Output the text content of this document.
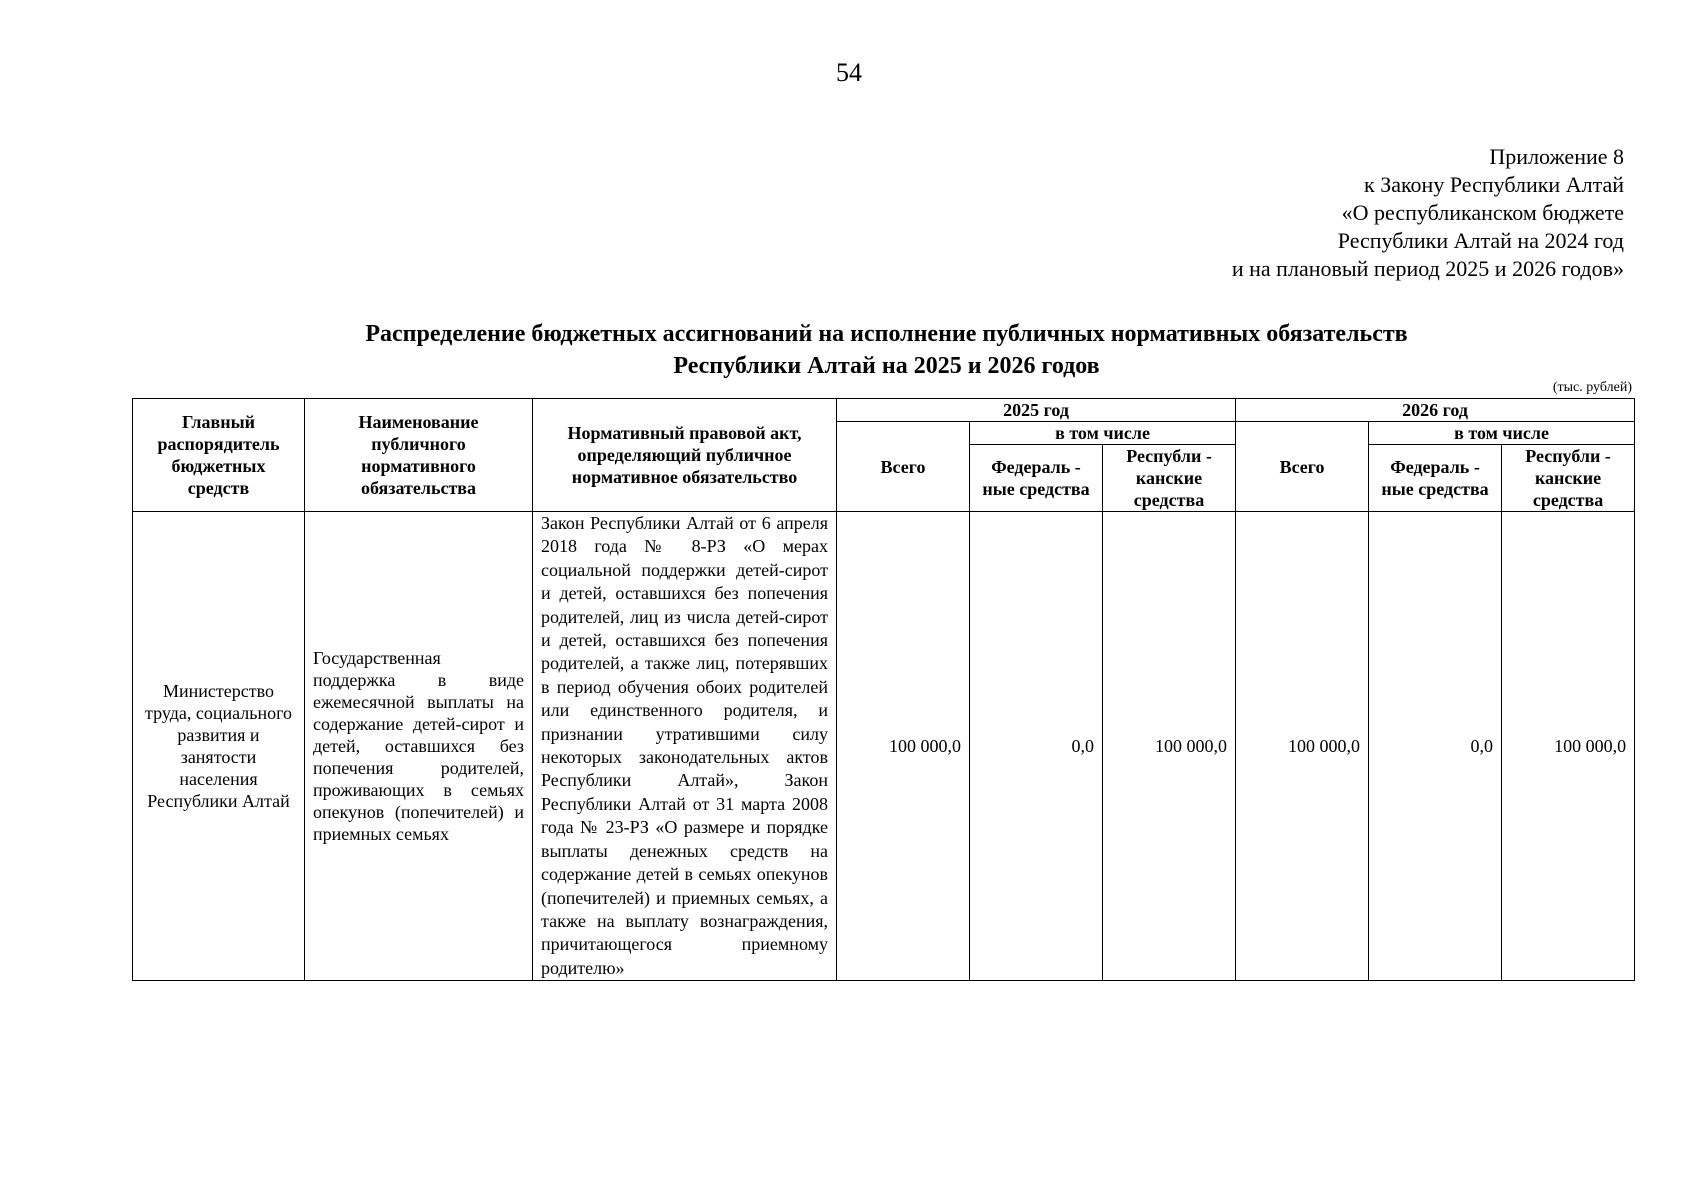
54
Приложение 8
к Закону Республики Алтай
«О республиканском бюджете
Республики Алтай на 2024 год
и на плановый период 2025 и 2026 годов»
Распределение бюджетных ассигнований на исполнение публичных нормативных обязательств
Республики Алтай на 2025 и 2026 годов
(тыс. рублей)
Главный распорядитель бюджетных средств	Наименование публичного нормативного обязательства	Нормативный правовой акт, определяющий публичное нормативное обязательство	2025 год			2026 год		
			Всего	в том числе		Всего	в том числе	
				Федераль - ные средства	Республи - канские средства		Федераль - ные средства	Республи - канские средства
Министерство труда, социального развития и занятости населения Республики Алтай	Государственная поддержка в виде ежемесячной выплаты на содержание детей-сирот и детей, оставшихся без попечения родителей, проживающих в семьях опекунов (попечителей) и приемных семьях	Закон Республики Алтай от 6 апреля 2018 года № 8-РЗ «О мерах социальной поддержки детей-сирот и детей, оставшихся без попечения родителей, лиц из числа детей-сирот и детей, оставшихся без попечения родителей, а также лиц, потерявших в период обучения обоих родителей или единственного родителя, и признании утратившими силу некоторых законодательных актов Республики Алтай», Закон Республики Алтай от 31 марта 2008 года № 23-РЗ «О размере и порядке выплаты денежных средств на содержание детей в семьях опекунов (попечителей) и приемных семьях, а также на выплату вознаграждения, причитающегося приемному родителю»	100 000,0	0,0	100 000,0	100 000,0	0,0	100 000,0
